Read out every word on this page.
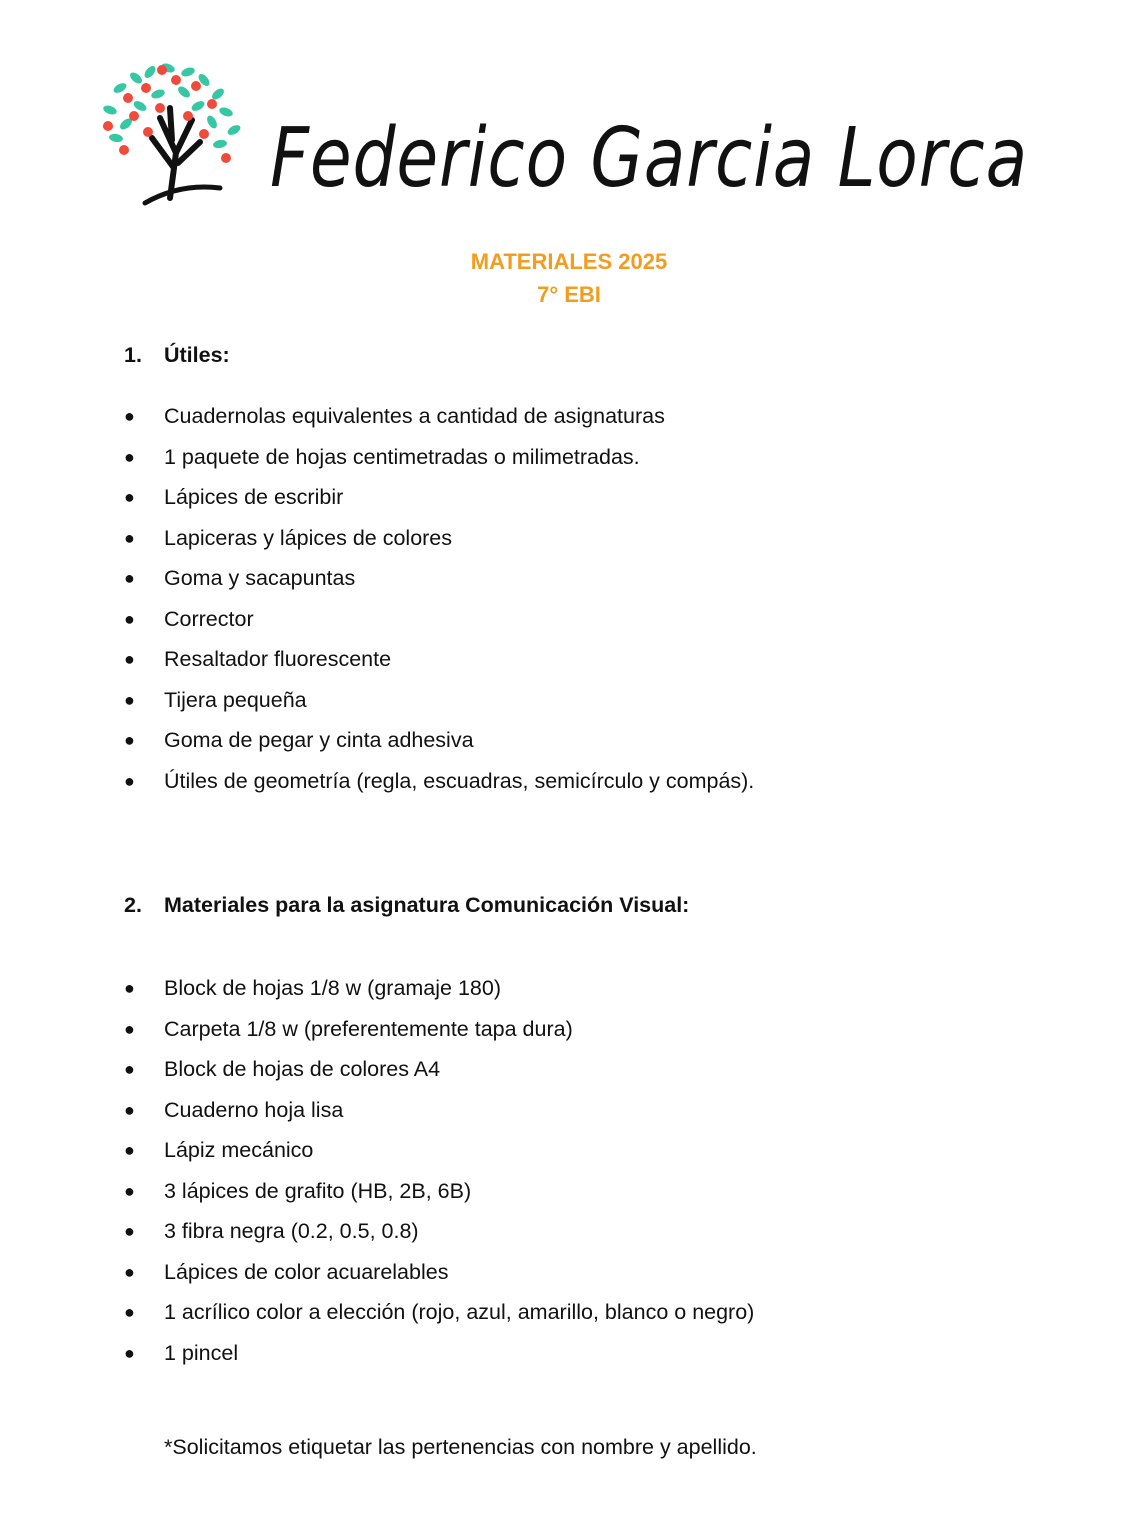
Federico Garcia Lorca
MATERIALES 2025
7° EBI
1. Útiles:
●	Cuadernolas equivalentes a cantidad de asignaturas
●	1 paquete de hojas centimetradas o milimetradas.
●	Lápices de escribir
●	Lapiceras y lápices de colores
●	Goma y sacapuntas
●	Corrector
●	Resaltador fluorescente
●	Tijera pequeña
●	Goma de pegar y cinta adhesiva
●	Útiles de geometría (regla, escuadras, semicírculo y compás).
2. Materiales para la asignatura Comunicación Visual:
●	Block de hojas 1/8 w (gramaje 180)
●	Carpeta 1/8 w (preferentemente tapa dura)
●	Block de hojas de colores A4
●	Cuaderno hoja lisa
●	Lápiz mecánico
●	3 lápices de grafito (HB, 2B, 6B)
●	3 fibra negra (0.2, 0.5, 0.8)
●	Lápices de color acuarelables
●	1 acrílico color a elección (rojo, azul, amarillo, blanco o negro)
●	1 pincel
*Solicitamos etiquetar las pertenencias con nombre y apellido.
